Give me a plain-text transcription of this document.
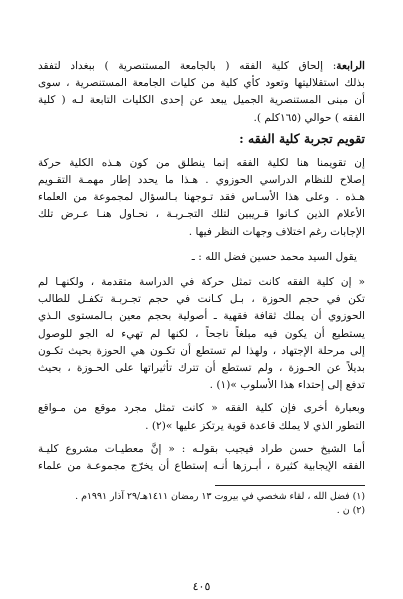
الرابعة: إلحاق كلية الفقه ( بالجامعة المستنصرية ) ببغداد لتفقد
بذلك استقلاليتها وتعود كأي كلية من كليات الجامعة المستنصرية ، سوى
أن مبنى المستنصرية الجميل يبعد عن إحدى الكليات التابعة لـه ( كلية
الفقه ) حوالي (١٦٥كلم ).

تقويم تجربة كلية الفقه :

إن تقويمنا هنا لكلية الفقه إنما ينطلق من كون هـذه الكلية حركة
إصلاح للنظام الدراسي الحوزوي . هـذا ما يحدد إطار مهمـة التقـويم
هـذه . وعلى هذا الأسـاس فقد تـوجهنا بـالسؤال لمجموعة من العلماء
الأعلام الذين كـانوا قـريبين لتلك التجـربـة ، نحـاول هنـا عـرض تلك
الإجابات رغم اختلاف وجهات النظر فيها .

يقول السيد محمد حسين فضل الله : ـ

« إن كلية الفقه كانت تمثل حركة في الدراسة متقدمة ، ولكنهـا لم
تكن في حجم الحوزة ، بـل كـانت في حجم تجـربـة تكفـل للطالب
الحوزوي أن يملك ثقافة فقهية ـ أصولية بحجم معين بـالمستوى الـذي
يستطيع أن يكون فيه مبلغاً ناجحاً ، لكنها لم تهيء له الجو للوصول
إلى مرحلة الإجتهاد ، ولهذا لم تستطع أن تكـون هي الحوزة بحيث تكـون
بديلاً عن الحـوزة ، ولم تستطع أن تترك تأثيراتها على الحـوزة ، بحيث
تدفع إلى إحتداء هذا الأسلوب »(١) .

وبعبارة أخرى فإن كلية الفقه « كانت تمثل مجرد موقع من مـواقع
التطور الذي لا يملك قاعدة قوية يرتكز عليها »(٢) .

أما الشيخ حسن طراد فيجيب بقولـه : « إنَّ معطيـات مشروع كليـة
الفقه الإيجابية كثيرة ، أبـرزها أنـه إستطاع أن يخرّج مجموعـة من علماء

(١) فضل الله ، لقاء شخصي في بيروت ١٣ رمضان ١٤١١هـ/٢٩ آذار ١٩٩١م .
(٢) ن .
٤٠٥
